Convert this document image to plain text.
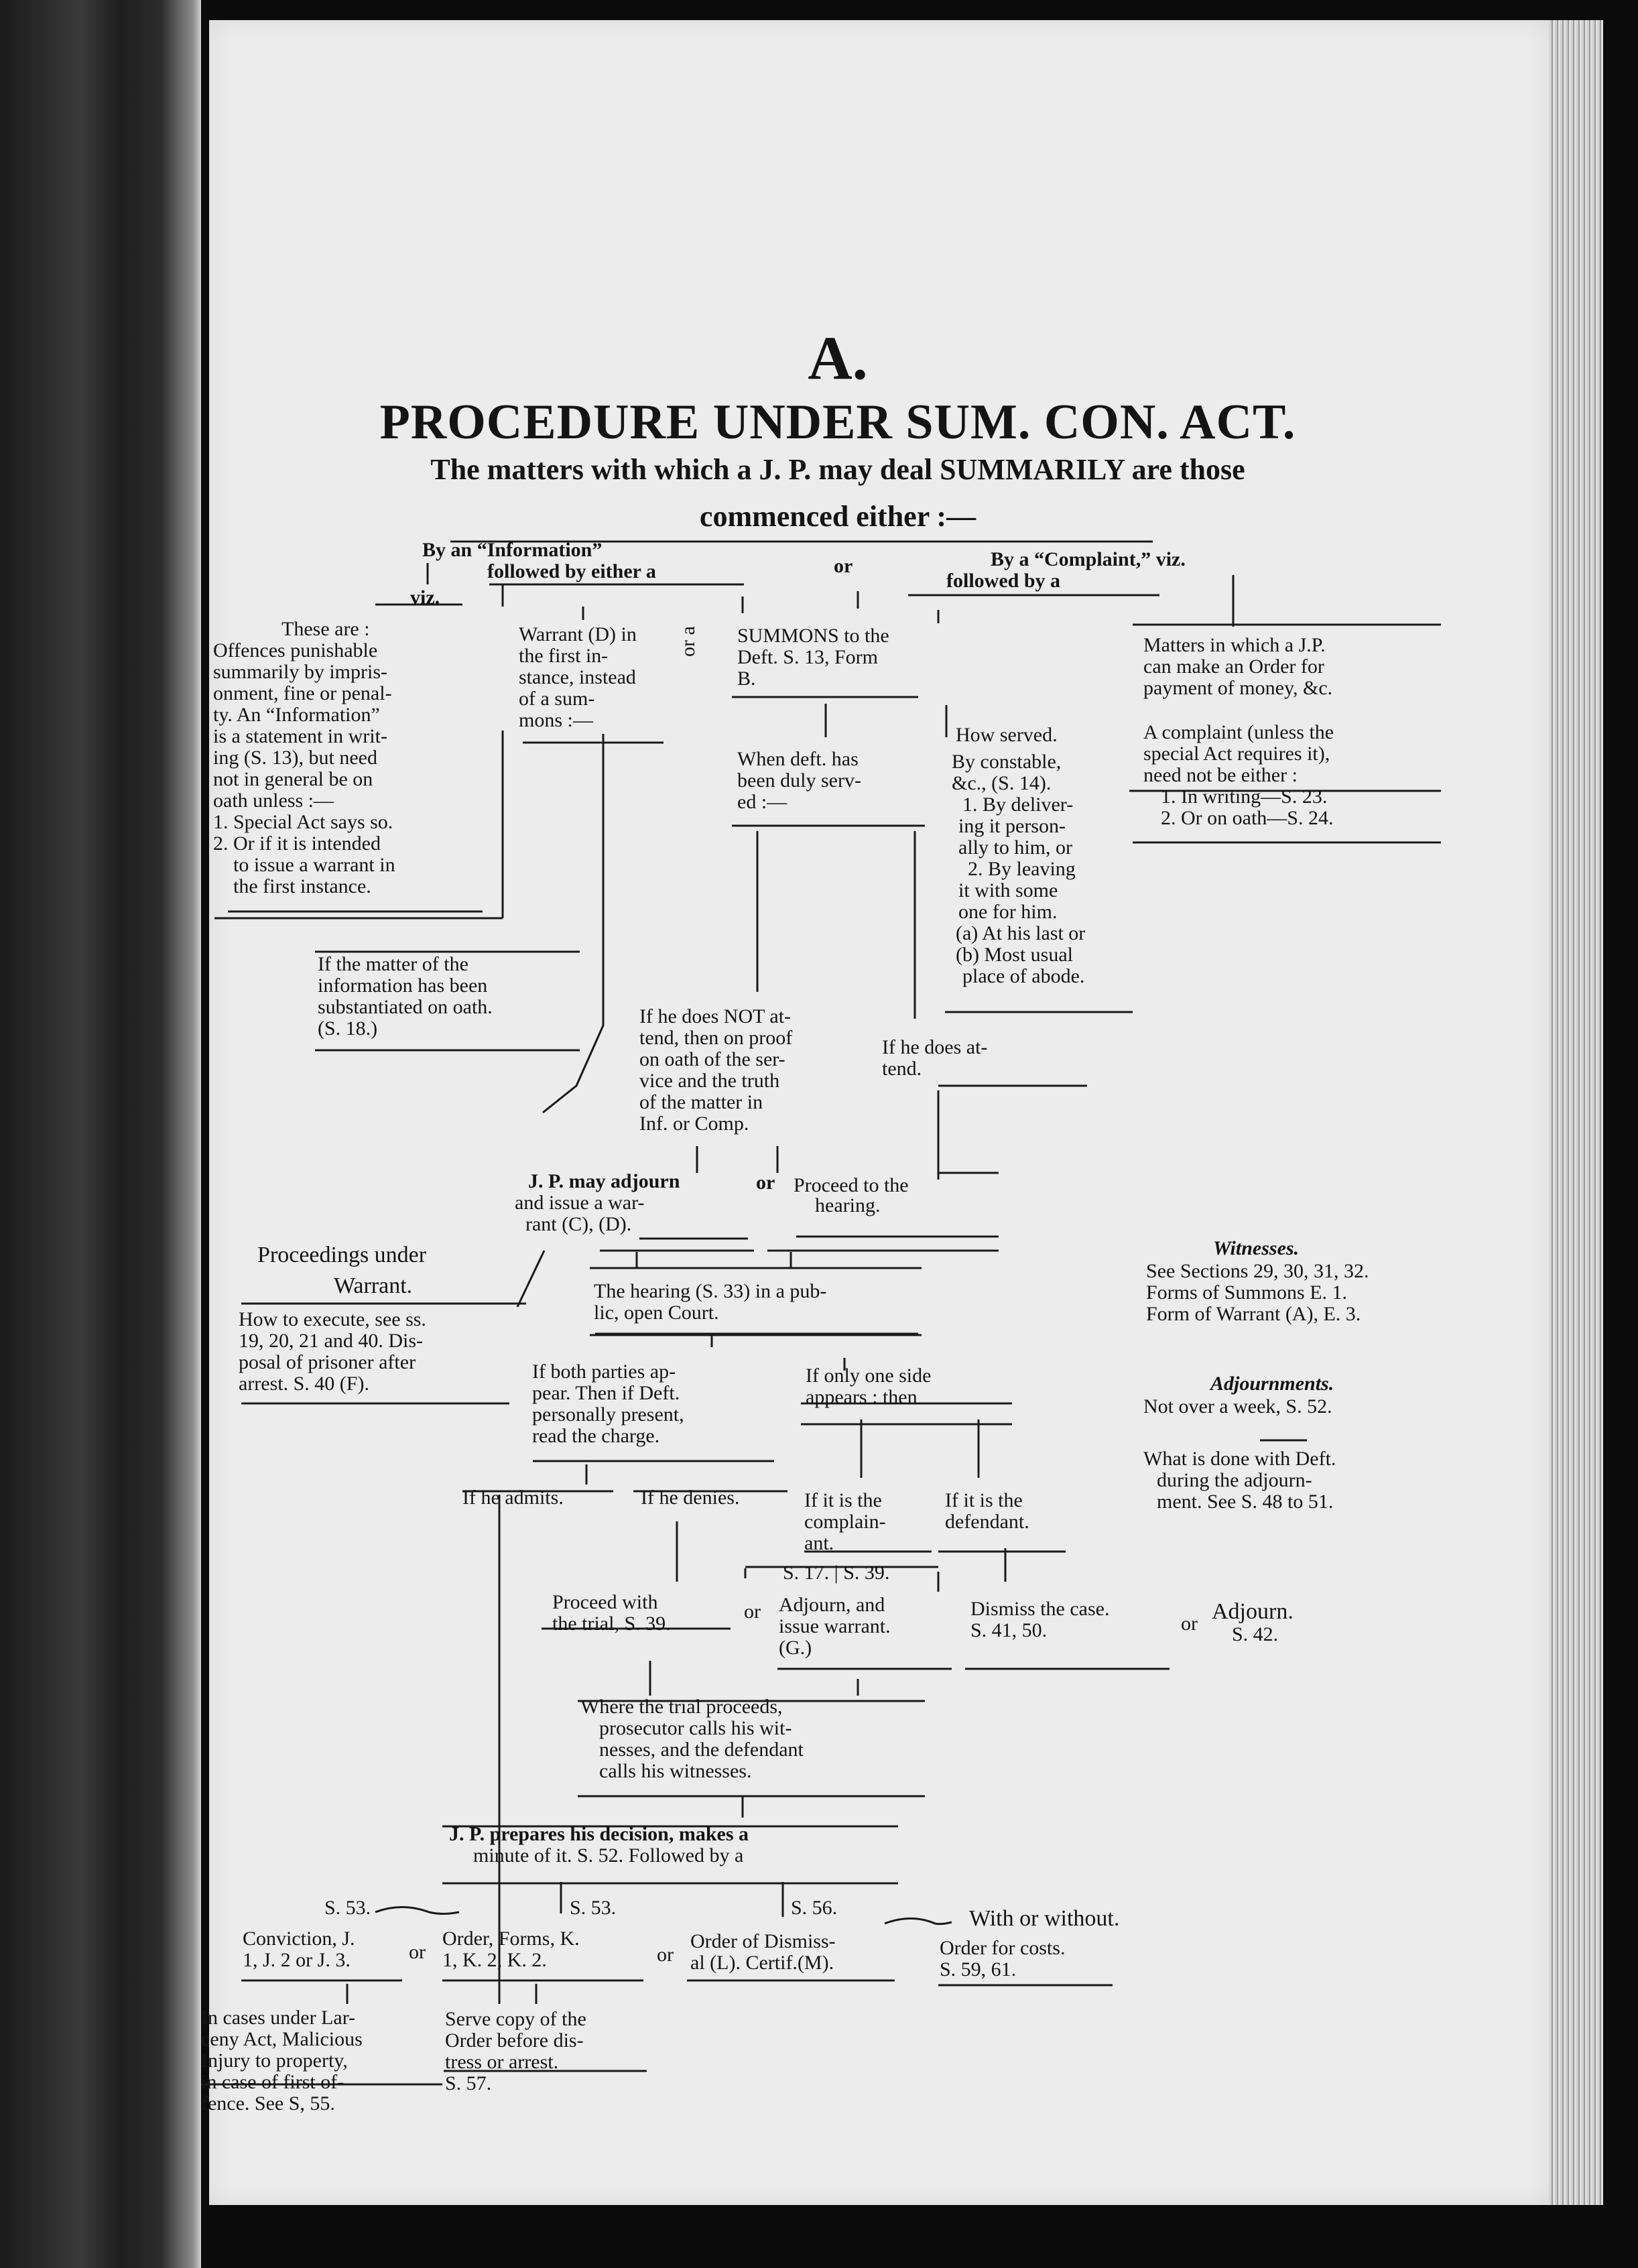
A.
PROCEDURE UNDER SUM. CON. ACT.
The matters with which a J. P. may deal SUMMARILY are those
commenced either :—
By an “Information”
followed by either a
viz.
or	By a “Complaint,” viz.
followed by a
These are :
Offences punishable
summarily by impris-
onment, fine or penal-
ty. An “Information”
is a statement in writ-
ing (S. 13), but need
not in general be on
oath unless :—
1. Special Act says so.
2. Or if it is intended
to issue a warrant in
the first instance.
Warrant (D) in
the first in-
stance, instead
of a sum-
mons :—
or a SUMMONS to the
Deft. S. 13, Form
B.
Matters in which a J.P.
can make an Order for
payment of money, &c.
A complaint (unless the
special Act requires it),
need not be either :
1. In writing—S. 23.
2. Or on oath—S. 24.
How served.
By constable,
&c., (S. 14).
1. By deliver-
ing it person-
ally to him, or
2. By leaving
it with some
one for him.
(a) At his last or
(b) Most usual
place of abode.
When deft. has
been duly serv-
ed :—
If the matter of the
information has been
substantiated on oath.
(S. 18.)
If he does NOT at-
tend, then on proof
on oath of the ser-
vice and the truth
of the matter in
Inf. or Comp.
If he does at-
tend.
J. P. may adjourn
and issue a war-
rant (C), (D).
or Proceed to the
hearing.
Proceedings under
Warrant.
How to execute, see ss.
19, 20, 21 and 40. Dis-
posal of prisoner after
arrest. S. 40 (F).
Witnesses.
See Sections 29, 30, 31, 32.
Forms of Summons E. 1.
Form of Warrant (A), E. 3.
Adjournments.
Not over a week, S. 52.
What is done with Deft.
during the adjourn-
ment. See S. 48 to 51.
The hearing (S. 33) in a pub-
lic, open Court.
If both parties ap-
pear. Then if Deft.
personally present,
read the charge.
If only one side
appears : then
If he admits.	If he denies.	If it is the
complain-
ant.
If it is the
defendant.
S. 17. | S. 39.
Proceed with
the trial, S. 39.
or Adjourn, and
issue warrant.
(G.)
Dismiss the case.
S. 41, 50.	or Adjourn.
S. 42.
Where the trial proceeds,
prosecutor calls his wit-
nesses, and the defendant
calls his witnesses.
J. P. prepares his decision, makes a
minute of it. S. 52. Followed by a
S. 53.	S. 53.	S. 56.	With or without.
Conviction, J.
1, J. 2 or J. 3.	or
Order, Forms, K.
1, K. 2, K. 2.	or
Order of Dismiss-
al (L). Certif.(M).
Order for costs.
S. 59, 61.
In cases under Lar-
ceny Act, Malicious
Injury to property,
in case of first of-
fence. See S, 55.
Serve copy of the
Order before dis-
tress or arrest.
S. 57.
